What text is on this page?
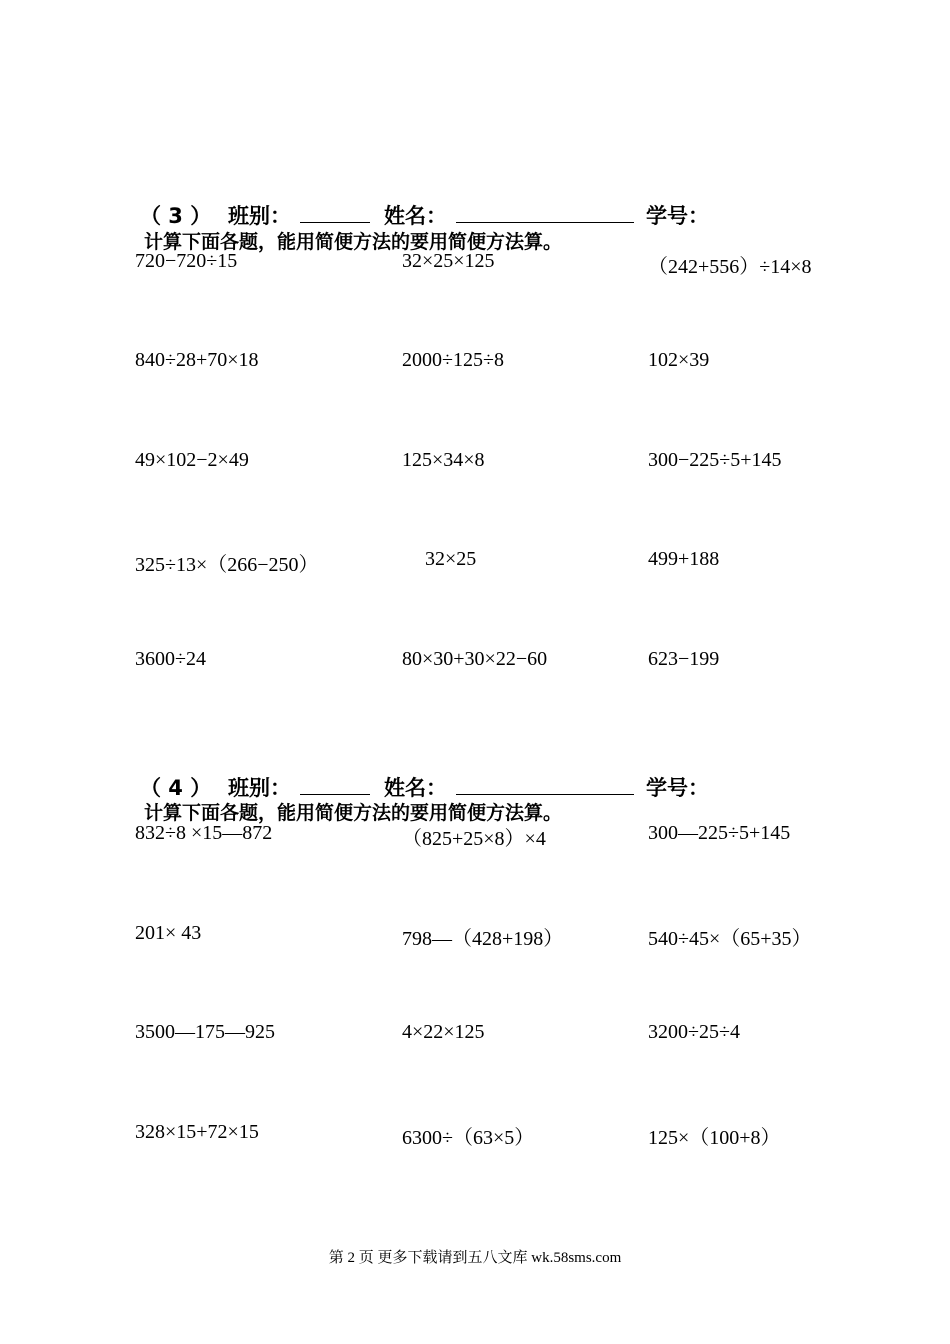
（ 3 ） 班别：	姓名：	学号：
计算下面各题，能用简便方法的要用简便方法算。
720−720÷15	32×25×125	（242+556）÷14×8
840÷28+70×18	2000÷125÷8	102×39
49×102−2×49	125×34×8	300−225÷5+145
325÷13×（266−250）	32×25	499+188
3600÷24	80×30+30×22−60	623−199
（ 4 ） 班别：	姓名：	学号：
计算下面各题，能用简便方法的要用简便方法算。
832÷8 ×15—872	（825+25×8）×4	300—225÷5+145
201× 43	798—（428+198）	540÷45×（65+35）
3500—175—925	4×22×125	3200÷25÷4
328×15+72×15	6300÷（63×5）	125×（100+8）
第 2 页 更多下载请到五八文库 wk.58sms.com
